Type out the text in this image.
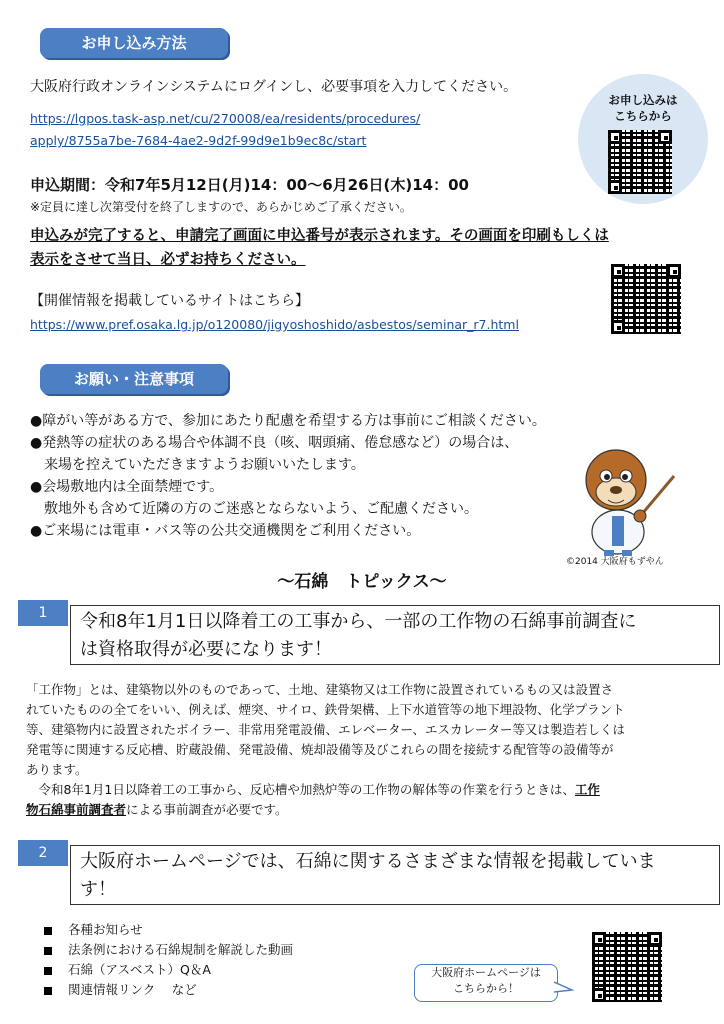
お申し込み方法
大阪府行政オンラインシステムにログインし、必要事項を入力してください。
https://lgpos.task-asp.net/cu/270008/ea/residents/procedures/
apply/8755a7be-7684-4ae2-9d2f-99d9e1b9ec8c/start
お申し込みは
こちらから
申込期間：令和7年5月12日(月)14：00～6月26日(木)14：00
※定員に達し次第受付を終了しますので、あらかじめご了承ください。
申込みが完了すると、申請完了画面に申込番号が表示されます。その画面を印刷もしくは
表示をさせて当日、必ずお持ちください。
【開催情報を掲載しているサイトはこちら】
https://www.pref.osaka.lg.jp/o120080/jigyoshoshido/asbestos/seminar_r7.html
お願い・注意事項
●障がい等がある方で、参加にあたり配慮を希望する方は事前にご相談ください。
●発熱等の症状のある場合や体調不良（咳、咽頭痛、倦怠感など）の場合は、
　来場を控えていただきますようお願いいたします。
●会場敷地内は全面禁煙です。
　敷地外も含めて近隣の方のご迷惑とならないよう、ご配慮ください。
●ご来場には電車・バス等の公共交通機関をご利用ください。
©2014 大阪府もずやん
～石綿　トピックス～
1	令和8年1月1日以降着工の工事から、一部の工作物の石綿事前調査に
は資格取得が必要になります！
「工作物」とは、建築物以外のものであって、土地、建築物又は工作物に設置されているもの又は設置さ
れていたものの全てをいい、例えば、煙突、サイロ、鉄骨架構、上下水道管等の地下埋設物、化学プラント
等、建築物内に設置されたボイラー、非常用発電設備、エレベーター、エスカレーター等又は製造若しくは
発電等に関連する反応槽、貯蔵設備、発電設備、焼却設備等及びこれらの間を接続する配管等の設備等が
あります。
　令和8年1月1日以降着工の工事から、反応槽や加熱炉等の工作物の解体等の作業を行うときは、工作
物石綿事前調査者による事前調査が必要です。
2	大阪府ホームページでは、石綿に関するさまざまな情報を掲載していま
す！
各種お知らせ
法条例における石綿規制を解説した動画
石綿（アスベスト）Q＆A
関連情報リンク　 など
大阪府ホームページは
こちらから！
